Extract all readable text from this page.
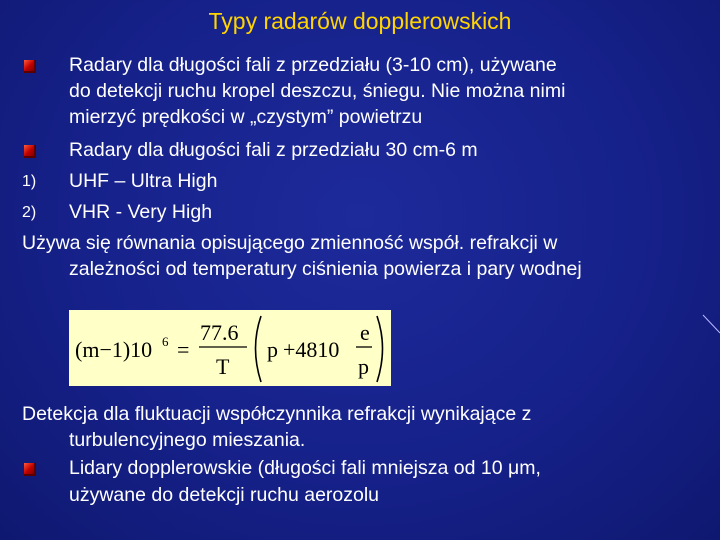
Typy radarów dopplerowskich
Radary dla długości fali z przedziału (3-10 cm), używane
do detekcji ruchu kropel deszczu, śniegu. Nie można nimi
mierzyć prędkości w „czystym” powietrzu
Radary dla długości fali z przedziału 30 cm-6 m
1) UHF – Ultra High
2) VHR - Very High
Używa się równania opisującego zmienność współ. refrakcji w
zależności od temperatury ciśnienia powierza i pary wodnej
(m−1)10 6 =
77.6
T
p +4810
e
p
Detekcja dla fluktuacji współczynnika refrakcji wynikające z
turbulencyjnego mieszania.
Lidary dopplerowskie (długości fali mniejsza od 10 μm,
używane do detekcji ruchu aerozolu
